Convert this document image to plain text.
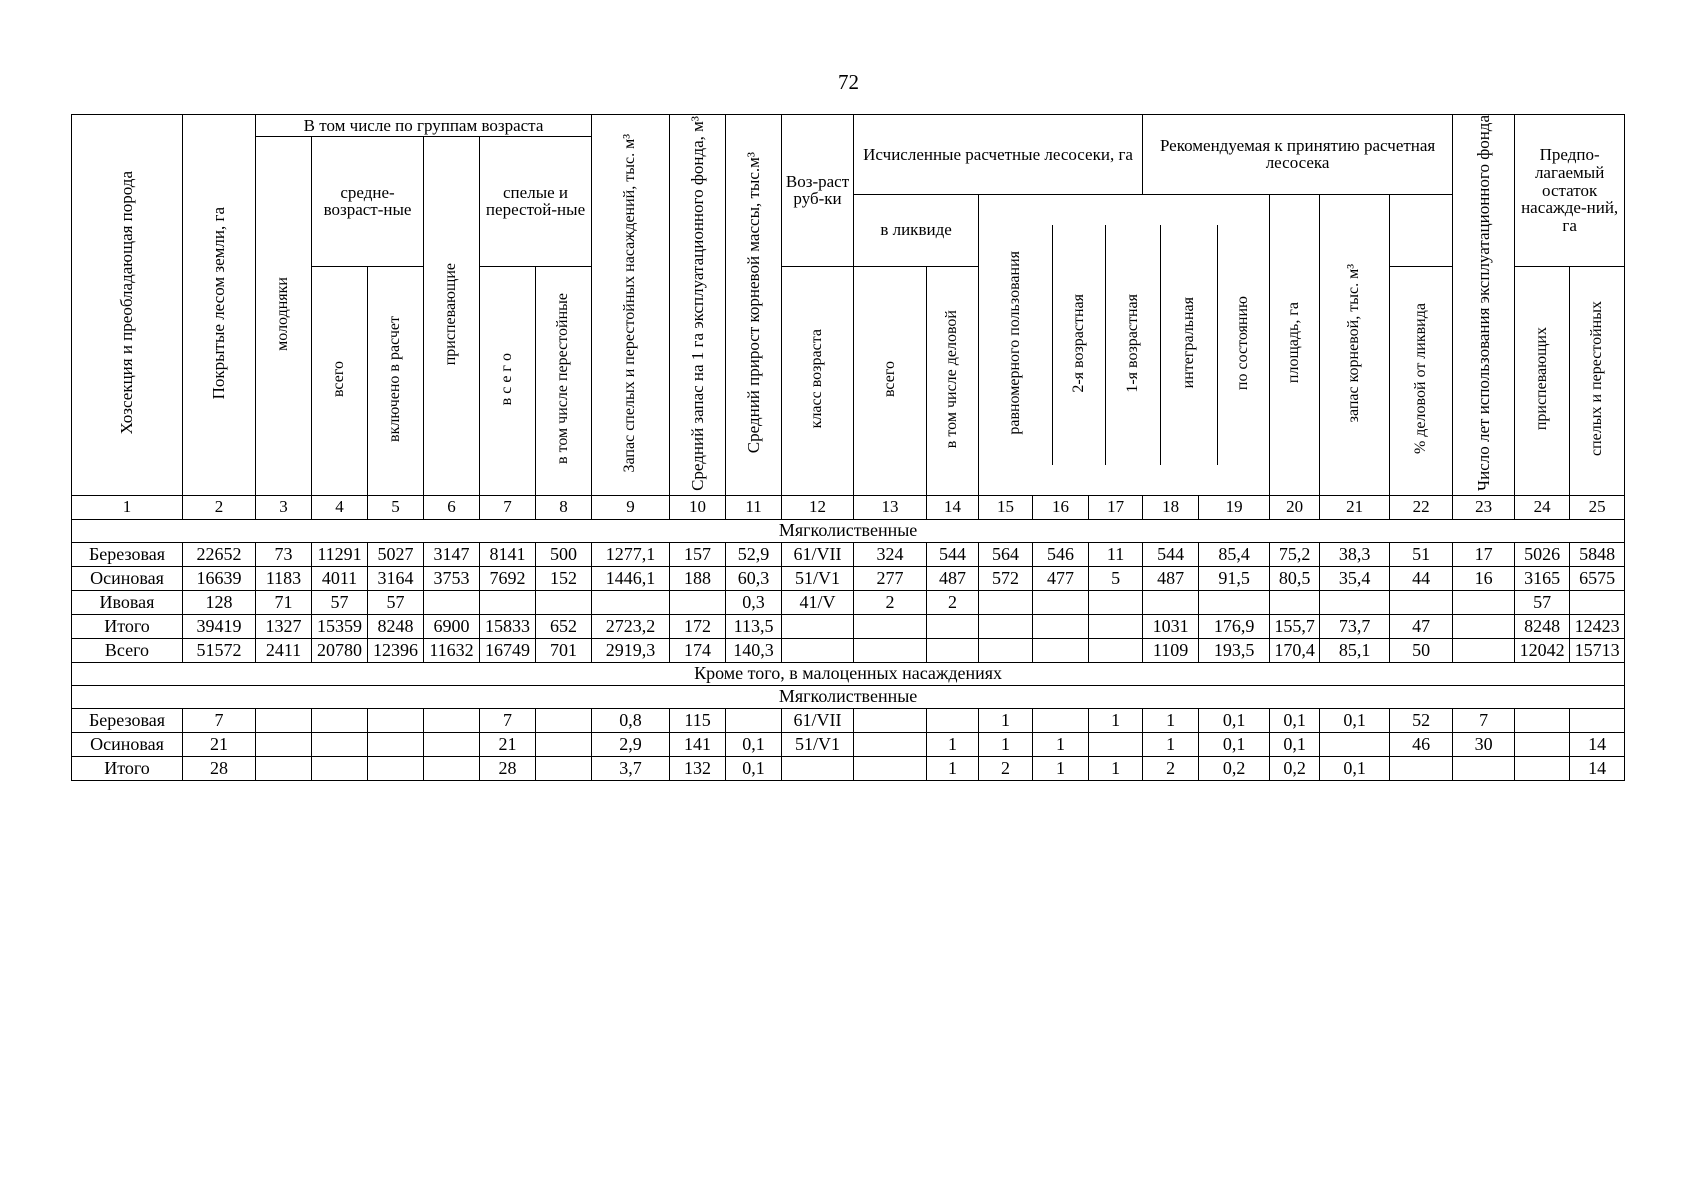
72
Хозсекция и преобладающая порода	Покрытые лесом земли, га	В том числе по группам возраста	Запас спелых и перестойных насаждений, тыс. м³	Средний запас на 1 га эксплуатационного фонда, м³	Средний прирост корневой массы, тыс.м³	Воз-раст руб-ки	Исчисленные расчетные лесосеки, га	Рекомендуемая к принятию расчетная лесосека	Число лет использования эксплуатационного фонда	Предпо-лагаемый остаток насажде-ний, га
молодняки	средне-возраст-ные	приспевающие	спелые и перестой-ные
в ликвиде	
равномерного пользования	2-я возрастная	1-я возрастная	интегральная	по состоянию
	площадь, га	запас корневой, тыс. м³
всего	включено в расчет	в с е г о	в том числе перестойные	класс возраста	всего	в том числе деловой	% деловой от ликвида	приспевающих	спелых и перестойных

1	2	3	4	5	6	7	8	9	10	11	12	13	14	15	16	17	18	19	20	21	22	23	24	25
Мягколиственные
Березовая	22652	73	11291	5027	3147	8141	500	1277,1	157	52,9	61/VII	324	544	564	546	11	544	85,4	75,2	38,3	51	17	5026	5848
Осиновая	16639	1183	4011	3164	3753	7692	152	1446,1	188	60,3	51/V1	277	487	572	477	5	487	91,5	80,5	35,4	44	16	3165	6575
Ивовая	128	71	57	57						0,3	41/V	2	2										57	
Итого	39419	1327	15359	8248	6900	15833	652	2723,2	172	113,5							1031	176,9	155,7	73,7	47		8248	12423
Всего	51572	2411	20780	12396	11632	16749	701	2919,3	174	140,3							1109	193,5	170,4	85,1	50		12042	15713
Кроме того, в малоценных насаждениях
Мягколиственные
Березовая	7					7		0,8	115		61/VII			1		1	1	0,1	0,1	0,1	52	7		
Осиновая	21					21		2,9	141	0,1	51/V1		1	1	1		1	0,1	0,1		46	30		14
Итого	28					28		3,7	132	0,1			1	2	1	1	2	0,2	0,2	0,1				14
